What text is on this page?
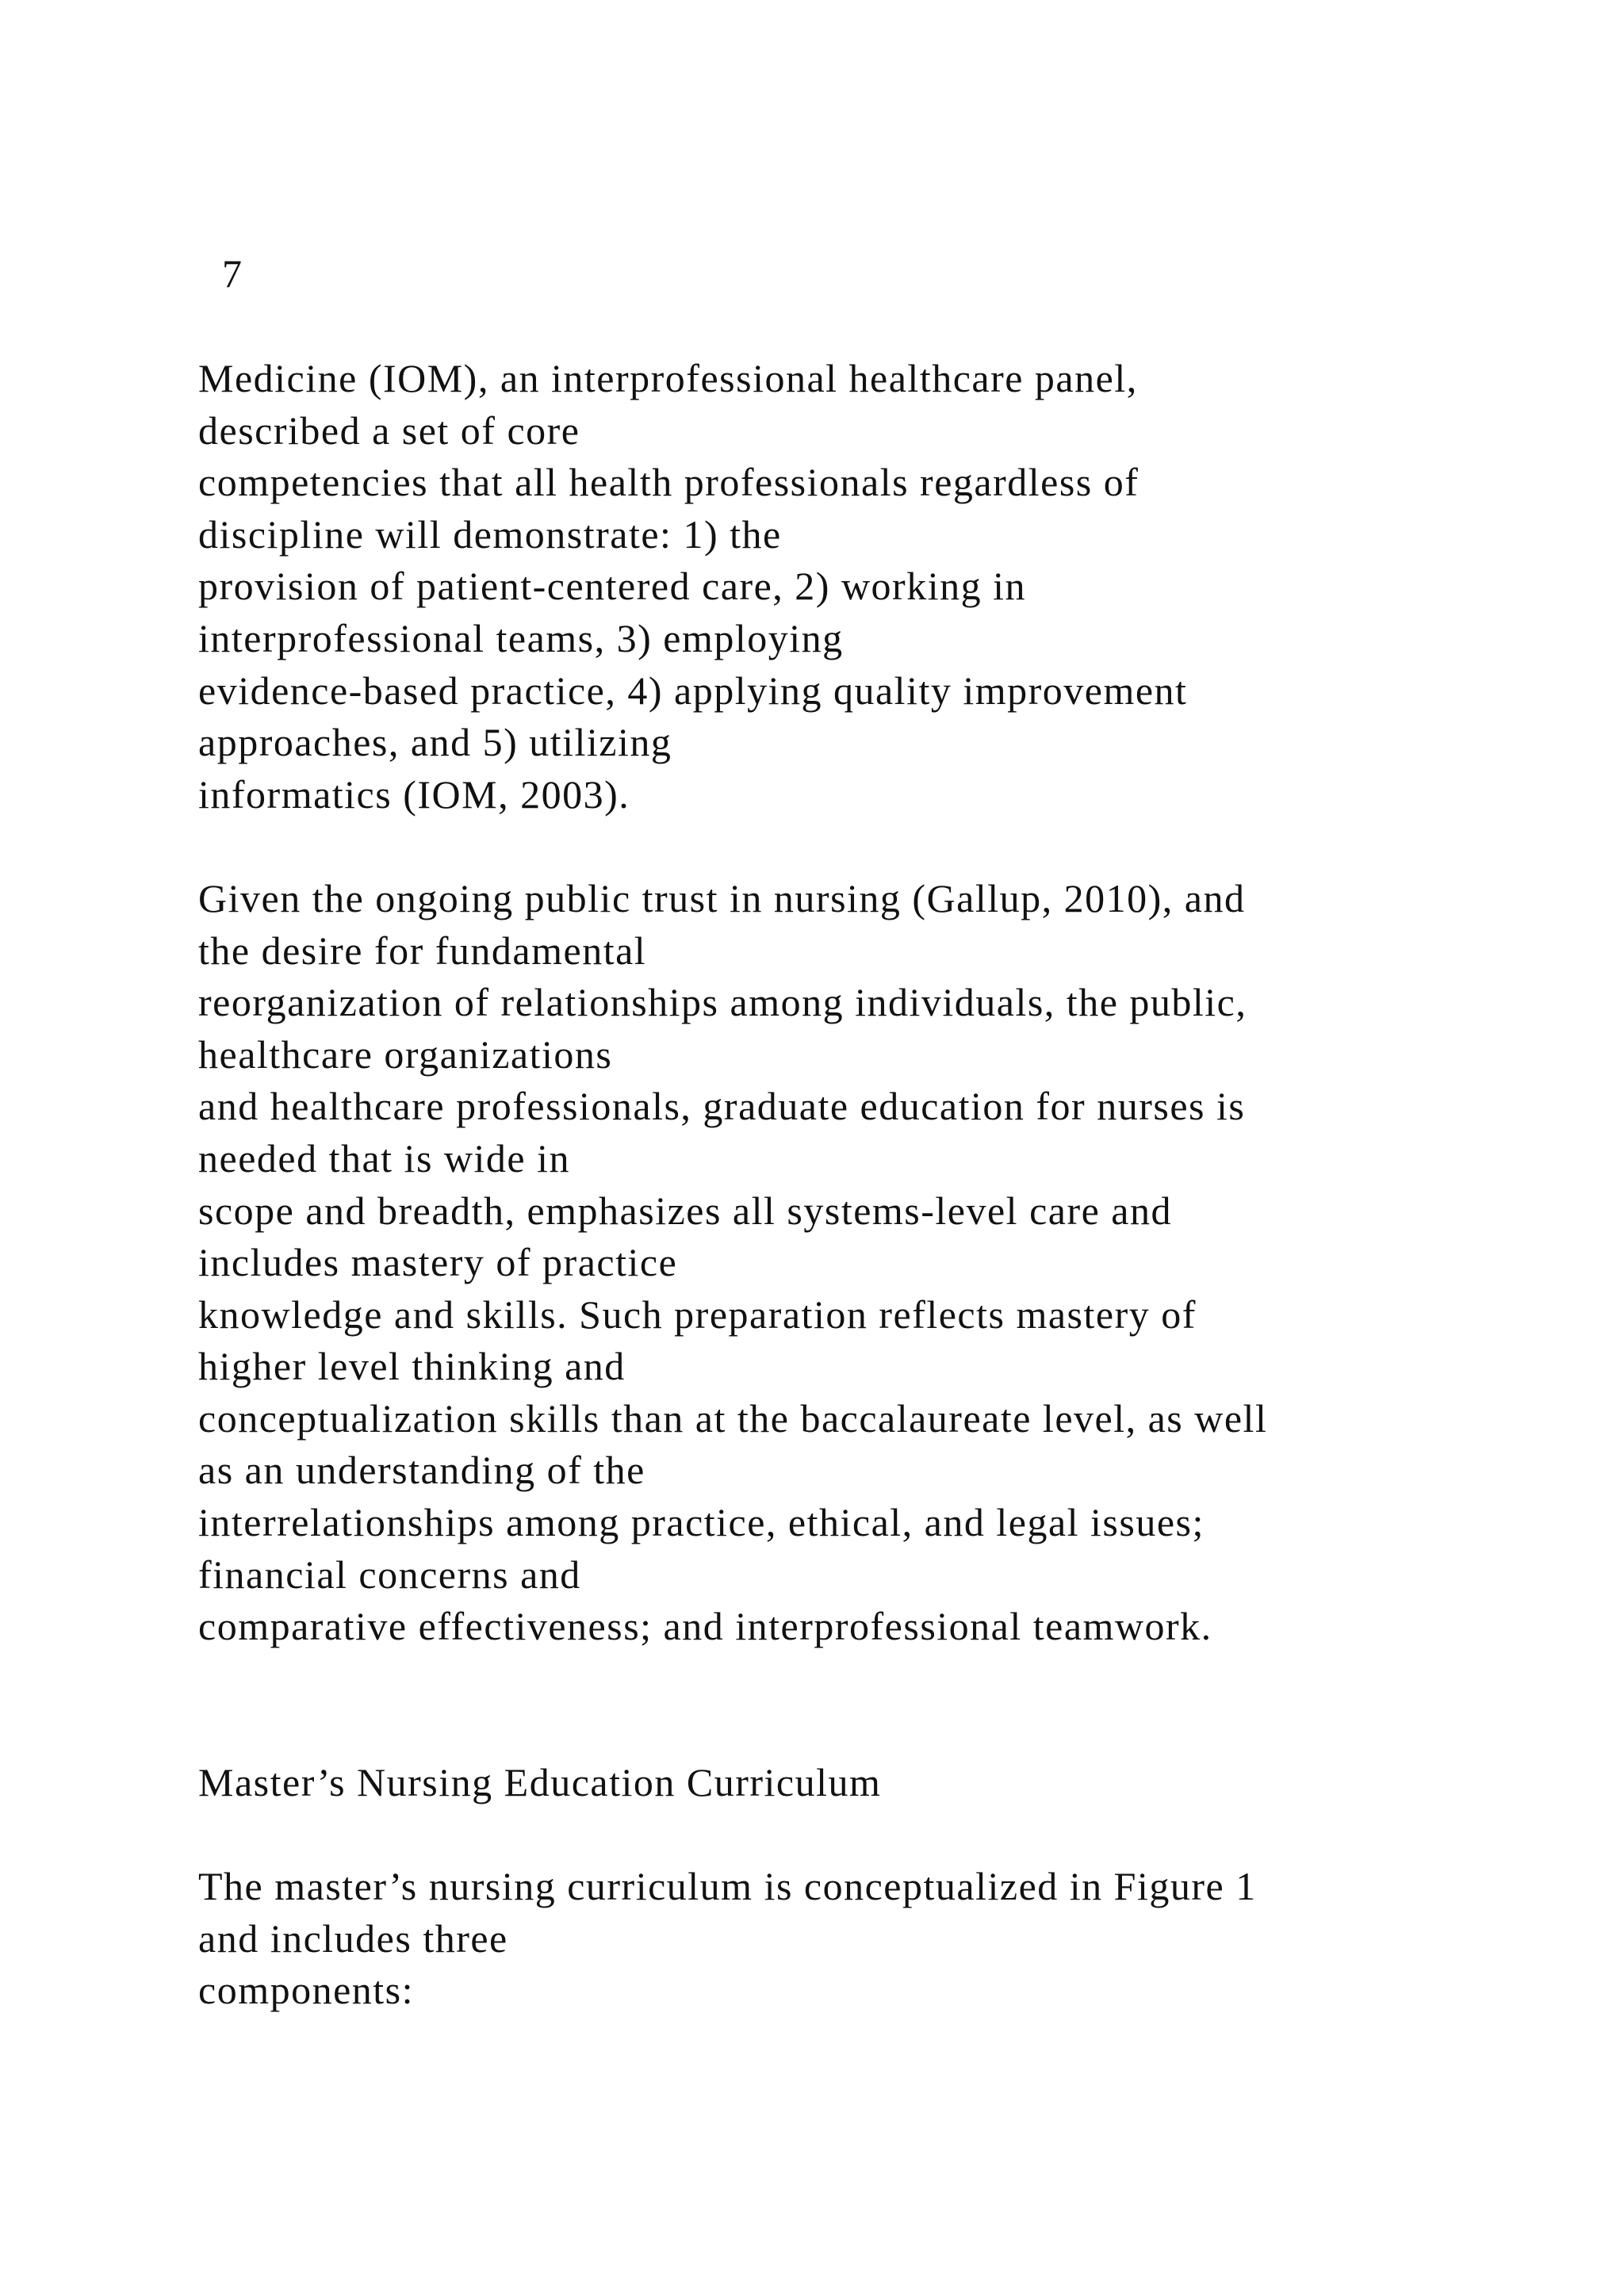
7
Medicine (IOM), an interprofessional healthcare panel,
described a set of core
competencies that all health professionals regardless of
discipline will demonstrate: 1) the
provision of patient-centered care, 2) working in
interprofessional teams, 3) employing
evidence-based practice, 4) applying quality improvement
approaches, and 5) utilizing
informatics (IOM, 2003).
Given the ongoing public trust in nursing (Gallup, 2010), and
the desire for fundamental
reorganization of relationships among individuals, the public,
healthcare organizations
and healthcare professionals, graduate education for nurses is
needed that is wide in
scope and breadth, emphasizes all systems-level care and
includes mastery of practice
knowledge and skills. Such preparation reflects mastery of
higher level thinking and
conceptualization skills than at the baccalaureate level, as well
as an understanding of the
interrelationships among practice, ethical, and legal issues;
financial concerns and
comparative effectiveness; and interprofessional teamwork.
Master’s Nursing Education Curriculum
The master’s nursing curriculum is conceptualized in Figure 1
and includes three
components:
